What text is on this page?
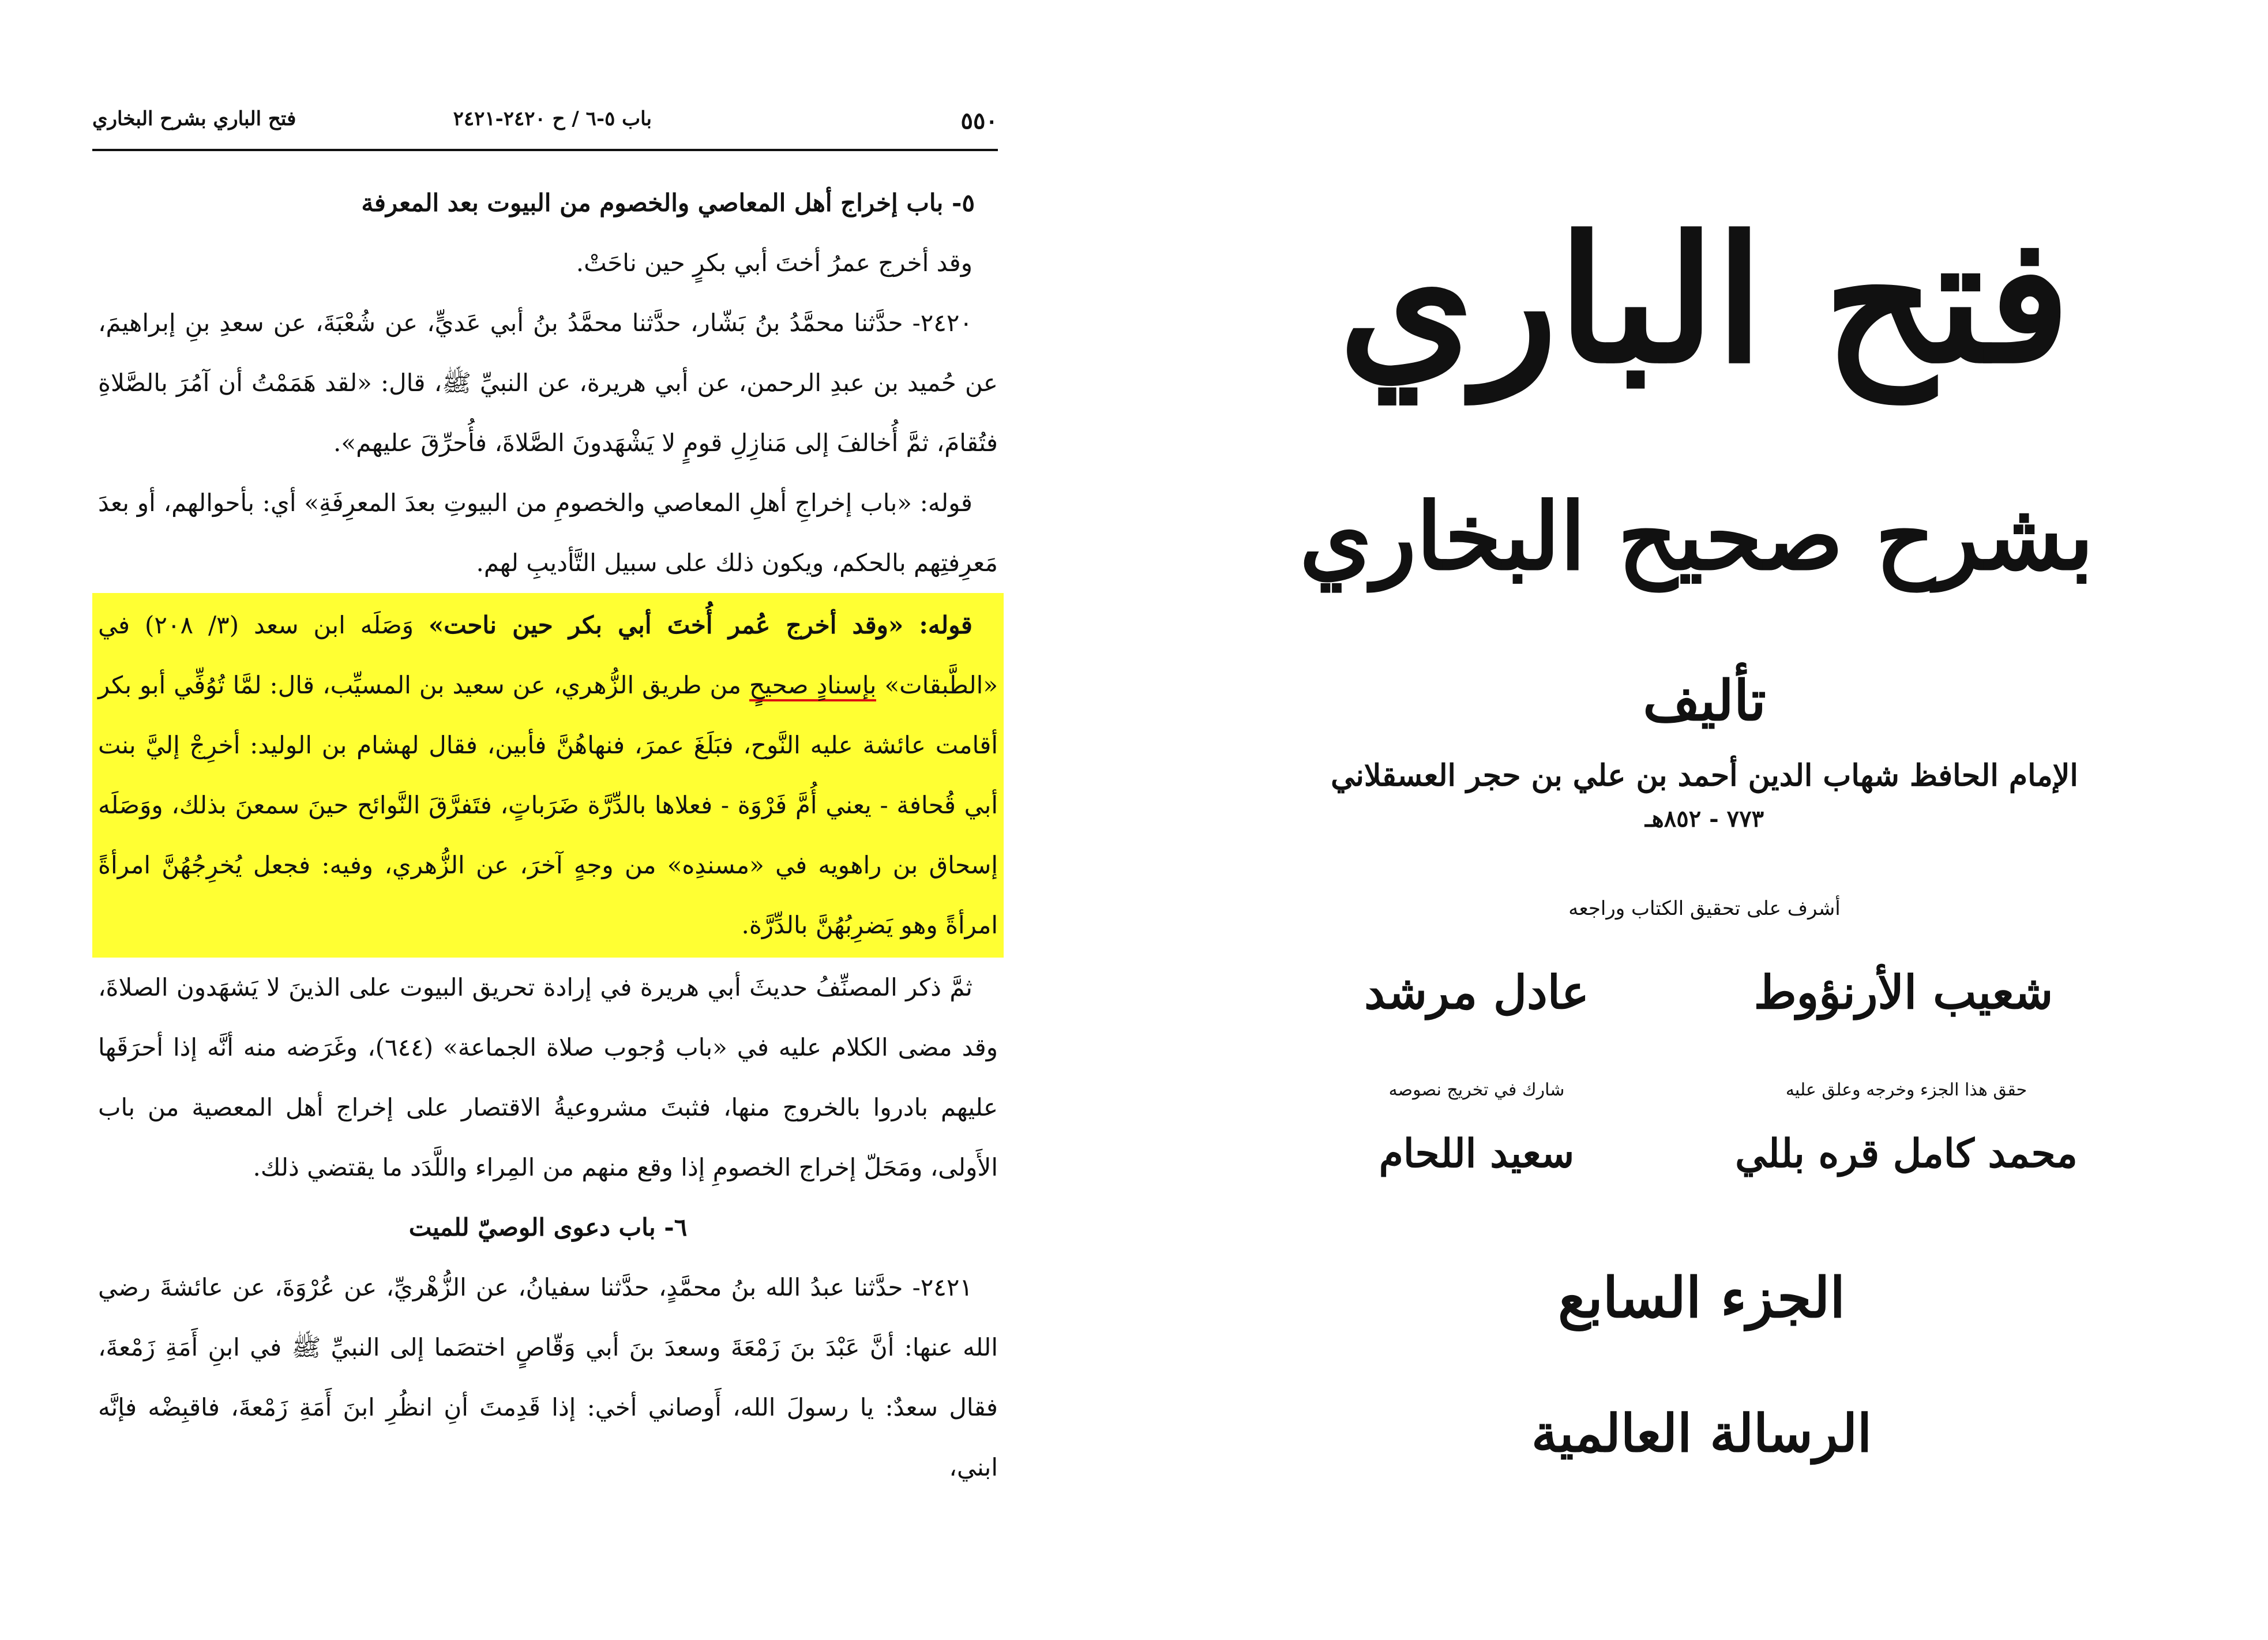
٥٥٠
باب ٥-٦ / ح ٢٤٢٠-٢٤٢١
فتح الباري بشرح البخاري

٥- باب إخراج أهل المعاصي والخصوم من البيوت بعد المعرفة

وقد أخرج عمرُ أختَ أبي بكرٍ حين ناحَتْ.

٢٤٢٠- حدَّثنا محمَّدُ بنُ بَشّار، حدَّثنا محمَّدُ بنُ أبي عَديٍّ، عن شُعْبَةَ، عن سعدِ بنِ إبراهيمَ، عن حُميد بن عبدِ الرحمن، عن أبي هريرة، عن النبيِّ ﷺ، قال: «لقد هَمَمْتُ أن آمُرَ بالصَّلاةِ فتُقامَ، ثمَّ أُخالفَ إلى مَنازِلِ قومٍ لا يَشْهَدونَ الصَّلاةَ، فأُحرِّقَ عليهم».

قوله: «باب إخراجِ أهلِ المعاصي والخصومِ من البيوتِ بعدَ المعرِفَةِ» أي: بأحوالهم، أو بعدَ مَعرِفتِهم بالحكم، ويكون ذلك على سبيل التَّأديبِ لهم.

قوله: «وقد أخرج عُمر أُختَ أبي بكر حين ناحت» وَصَلَه ابن سعد (٣/ ٢٠٨) في «الطَّبقات» بإسنادٍ صحيحٍ من طريق الزُّهري، عن سعيد بن المسيِّب، قال: لمَّا تُوُفِّي أبو بكر أقامت عائشة عليه النَّوح، فبَلَغَ عمرَ، فنهاهُنَّ فأبين، فقال لهشام بن الوليد: أخرِجْ إليَّ بنت أبي قُحافة - يعني أُمَّ فَرْوَة - فعلاها بالدِّرَّة ضَرَباتٍ، فتَفرَّقَ النَّوائح حينَ سمعنَ بذلك، ووَصَلَه إسحاق بن راهويه في «مسندِه» من وجهٍ آخرَ، عن الزُّهري، وفيه: فجعل يُخرِجُهُنَّ امرأةً امرأةً وهو يَضرِبُهُنَّ بالدِّرَّة.

ثمَّ ذكر المصنِّفُ حديثَ أبي هريرة في إرادة تحريق البيوت على الذينَ لا يَشهَدون الصلاةَ، وقد مضى الكلام عليه في «باب وُجوب صلاة الجماعة» (٦٤٤)، وغَرَضه منه أنَّه إذا أحرَقَها عليهم بادروا بالخروج منها، فثبتَ مشروعيةُ الاقتصار على إخراج أهل المعصية من باب الأَولى، ومَحَلّ إخراج الخصومِ إذا وقع منهم من المِراء واللَّدَد ما يقتضي ذلك.

٦- باب دعوى الوصيّ للميت

٢٤٢١- حدَّثنا عبدُ الله بنُ محمَّدٍ، حدَّثنا سفيانُ، عن الزُّهْريِّ، عن عُرْوَةَ، عن عائشةَ رضي الله عنها: أنَّ عَبْدَ بنَ زَمْعَةَ وسعدَ بنَ أبي وَقّاصٍ اختصَما إلى النبيِّ ﷺ في ابنِ أَمَةِ زَمْعةَ، فقال سعدٌ: يا رسولَ الله، أَوصاني أخي: إذا قَدِمتَ أنِ انظُرِ ابنَ أَمَةِ زَمْعةَ، فاقبِضْه فإنَّه ابني،

فتح الباري
بشرح صحيح البخاري
تأليف
الإمام الحافظ شهاب الدين أحمد بن علي بن حجر العسقلاني
٧٧٣ - ٨٥٢هـ
أشرف على تحقيق الكتاب وراجعه
شعيب الأرنؤوط
عادل مرشد
حقق هذا الجزء وخرجه وعلق عليه
شارك في تخريج نصوصه
محمد كامل قره بللي
سعيد اللحام
الجزء السابع
الرسالة العالمية
